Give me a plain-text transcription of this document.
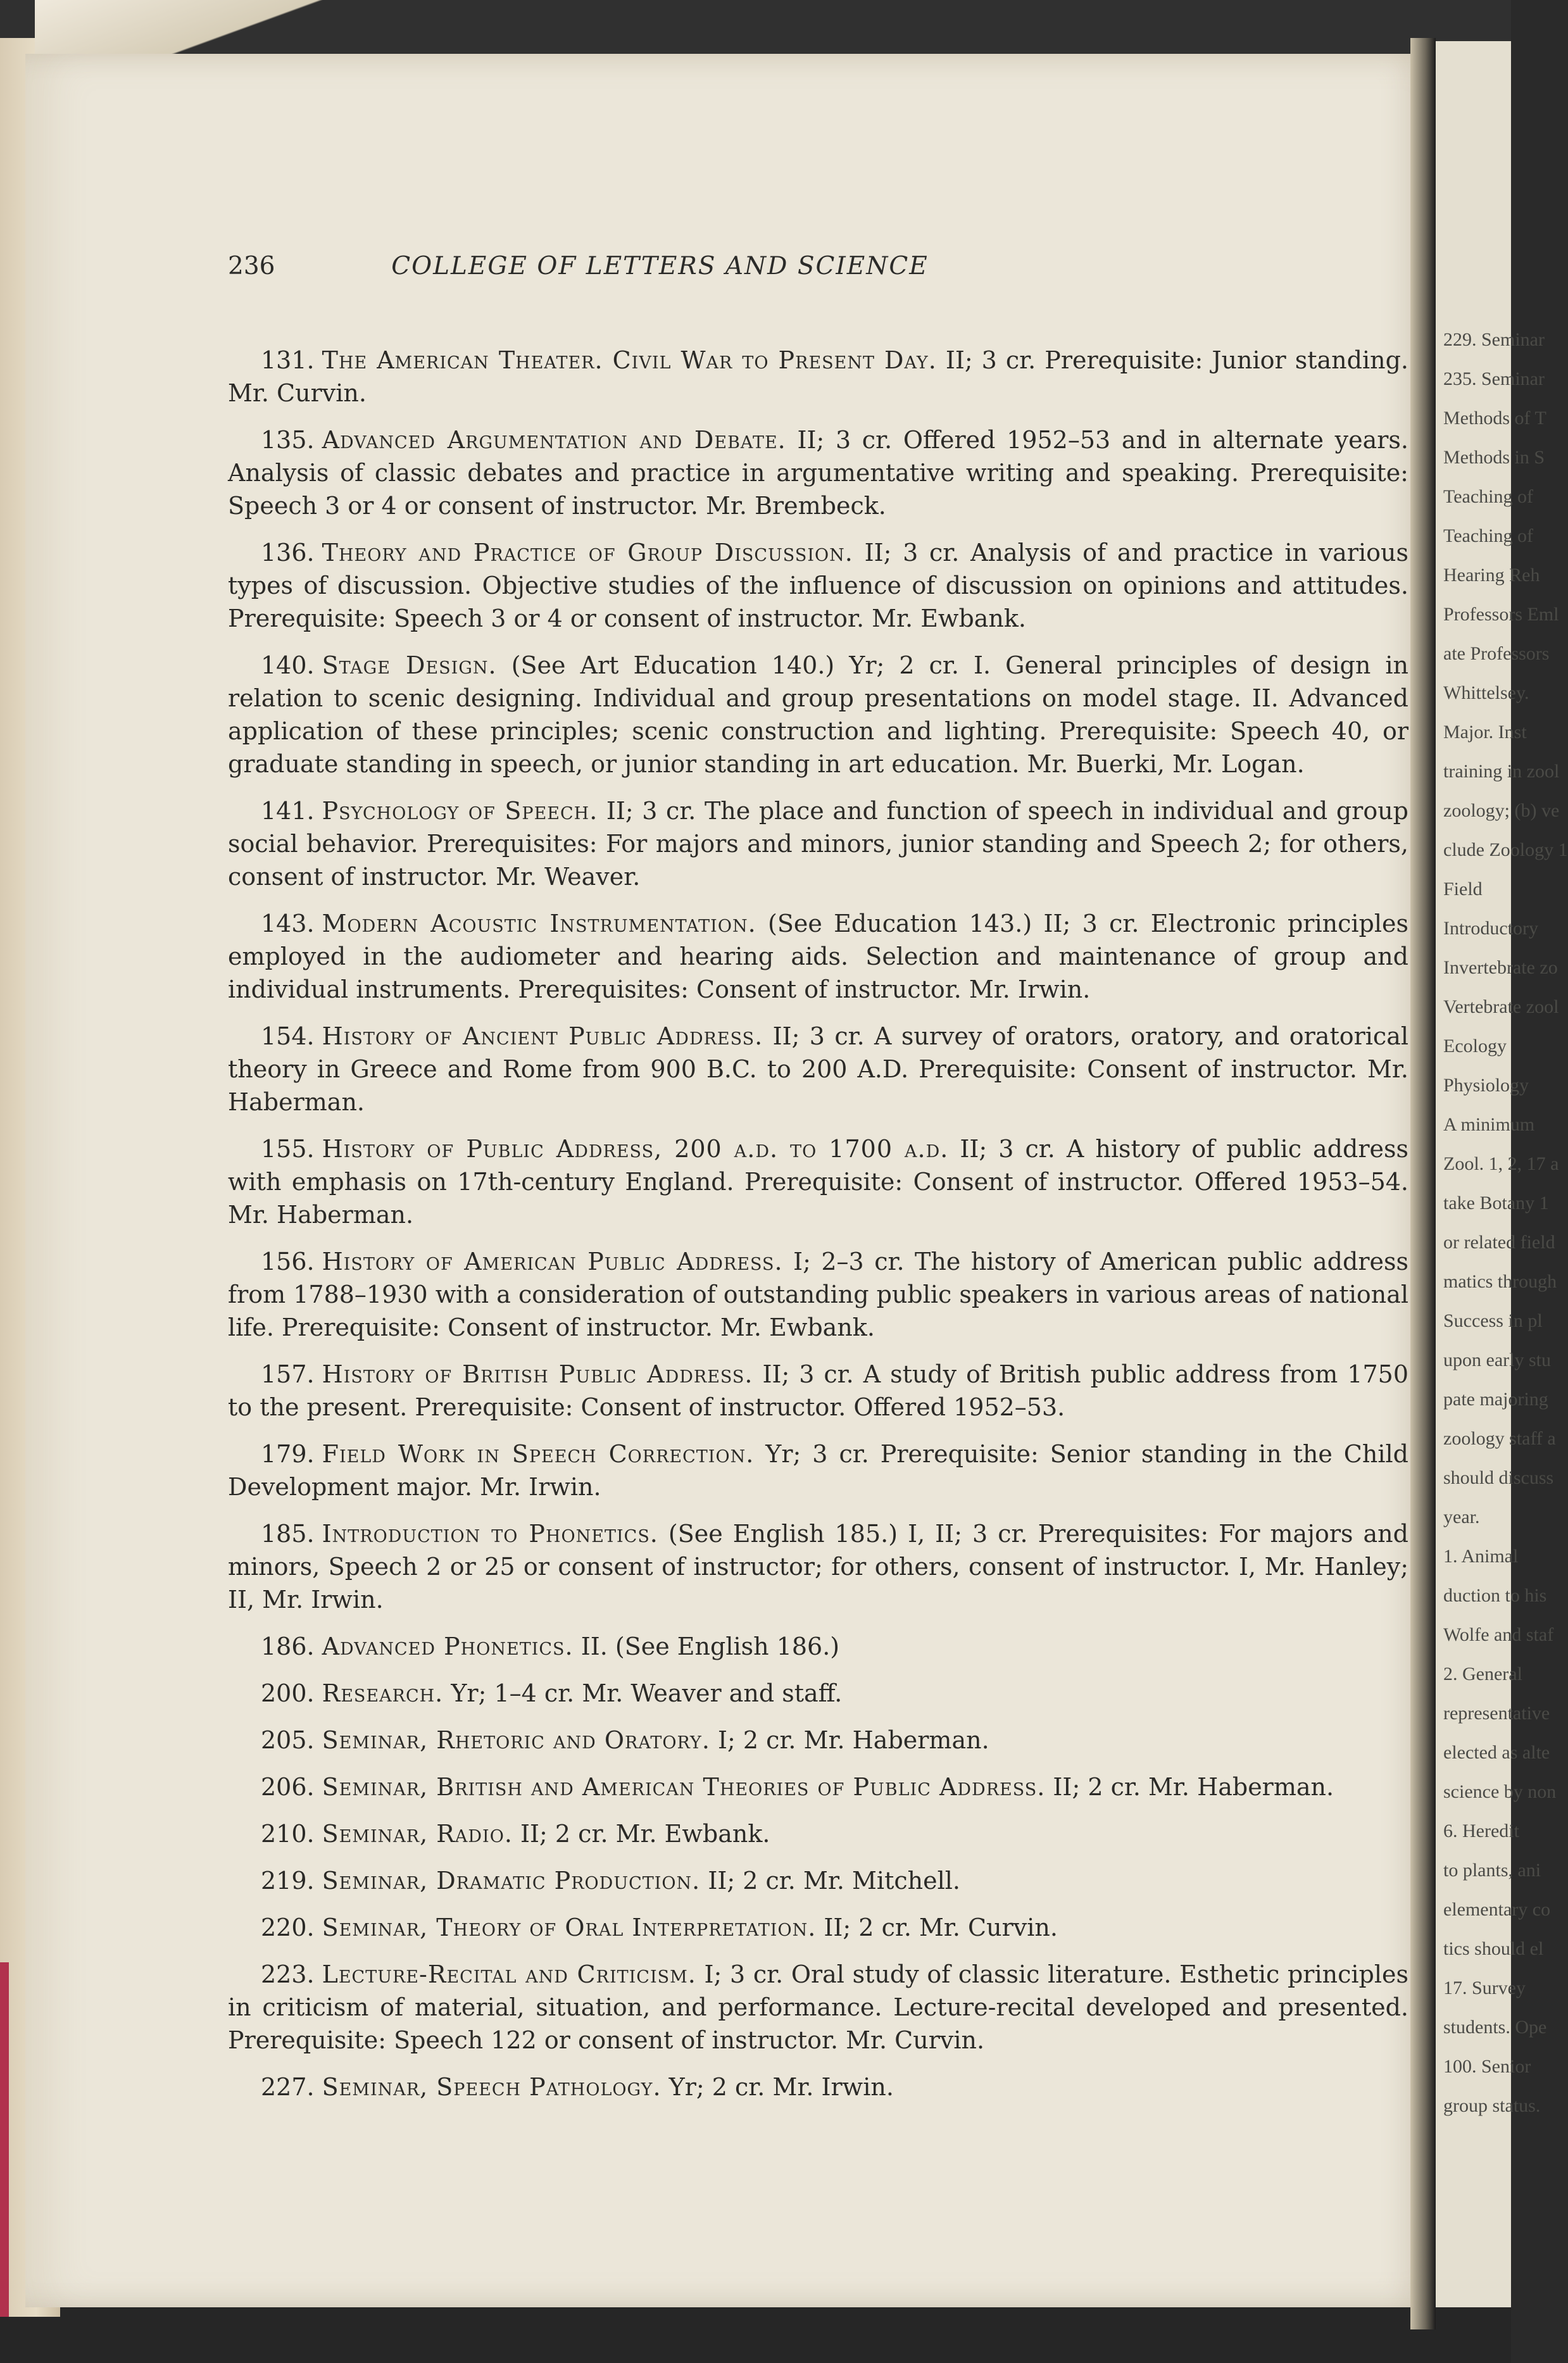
229. Seminar
235. Seminar
Methods of T
Methods in S
Teaching of
Teaching of
Hearing Reh
Professors Eml
ate Professors
Whittelsey.
Major. Inst
training in zool
zoology; (b) ve
clude Zoology 1
Field
Introductory
Invertebrate zo
Vertebrate zool
Ecology
Physiology
A minimum
Zool. 1, 2, 17 a
take Botany 1
or related field
matics through
Success in pl
upon early stu
pate majoring
zoology staff a
should discuss
year.
1. Animal
duction to his
Wolfe and staf
2. General
representative
elected as alte
science by non
6. Heredit
to plants, ani
elementary co
tics should el
17. Survey
students. Ope
100. Senior
group status.
236	COLLEGE OF LETTERS AND SCIENCE

131. The American Theater. Civil War to Present Day. II; 3 cr. Prerequisite: Junior standing. Mr. Curvin.

135. Advanced Argumentation and Debate. II; 3 cr. Offered 1952–53 and in alternate years. Analysis of classic debates and practice in argumentative writing and speaking. Prerequisite: Speech 3 or 4 or consent of instructor. Mr. Brembeck.

136. Theory and Practice of Group Discussion. II; 3 cr. Analysis of and practice in various types of discussion. Objective studies of the influence of discussion on opinions and attitudes. Prerequisite: Speech 3 or 4 or consent of instructor. Mr. Ewbank.

140. Stage Design. (See Art Education 140.) Yr; 2 cr. I. General principles of design in relation to scenic designing. Individual and group presentations on model stage. II. Advanced application of these principles; scenic construction and lighting. Prerequisite: Speech 40, or graduate standing in speech, or junior standing in art education. Mr. Buerki, Mr. Logan.

141. Psychology of Speech. II; 3 cr. The place and function of speech in individual and group social behavior. Prerequisites: For majors and minors, junior standing and Speech 2; for others, consent of instructor. Mr. Weaver.

143. Modern Acoustic Instrumentation. (See Education 143.) II; 3 cr. Electronic principles employed in the audiometer and hearing aids. Selection and maintenance of group and individual instruments. Prerequisites: Consent of instructor. Mr. Irwin.

154. History of Ancient Public Address. II; 3 cr. A survey of orators, oratory, and oratorical theory in Greece and Rome from 900 B.C. to 200 A.D. Prerequisite: Consent of instructor. Mr. Haberman.

155. History of Public Address, 200 a.d. to 1700 a.d. II; 3 cr. A history of public address with emphasis on 17th-century England. Prerequisite: Consent of instructor. Offered 1953–54. Mr. Haberman.

156. History of American Public Address. I; 2–3 cr. The history of American public address from 1788–1930 with a consideration of outstanding public speakers in various areas of national life. Prerequisite: Consent of instructor. Mr. Ewbank.

157. History of British Public Address. II; 3 cr. A study of British public address from 1750 to the present. Prerequisite: Consent of instructor. Offered 1952–53.

179. Field Work in Speech Correction. Yr; 3 cr. Prerequisite: Senior standing in the Child Development major. Mr. Irwin.

185. Introduction to Phonetics. (See English 185.) I, II; 3 cr. Prerequisites: For majors and minors, Speech 2 or 25 or consent of instructor; for others, consent of instructor. I, Mr. Hanley; II, Mr. Irwin.

186. Advanced Phonetics. II. (See English 186.)

200. Research. Yr; 1–4 cr. Mr. Weaver and staff.

205. Seminar, Rhetoric and Oratory. I; 2 cr. Mr. Haberman.

206. Seminar, British and American Theories of Public Address. II; 2 cr. Mr. Haberman.

210. Seminar, Radio. II; 2 cr. Mr. Ewbank.

219. Seminar, Dramatic Production. II; 2 cr. Mr. Mitchell.

220. Seminar, Theory of Oral Interpretation. II; 2 cr. Mr. Curvin.

223. Lecture-Recital and Criticism. I; 3 cr. Oral study of classic literature. Esthetic principles in criticism of material, situation, and performance. Lecture-recital developed and presented. Prerequisite: Speech 122 or consent of instructor. Mr. Curvin.

227. Seminar, Speech Pathology. Yr; 2 cr. Mr. Irwin.
